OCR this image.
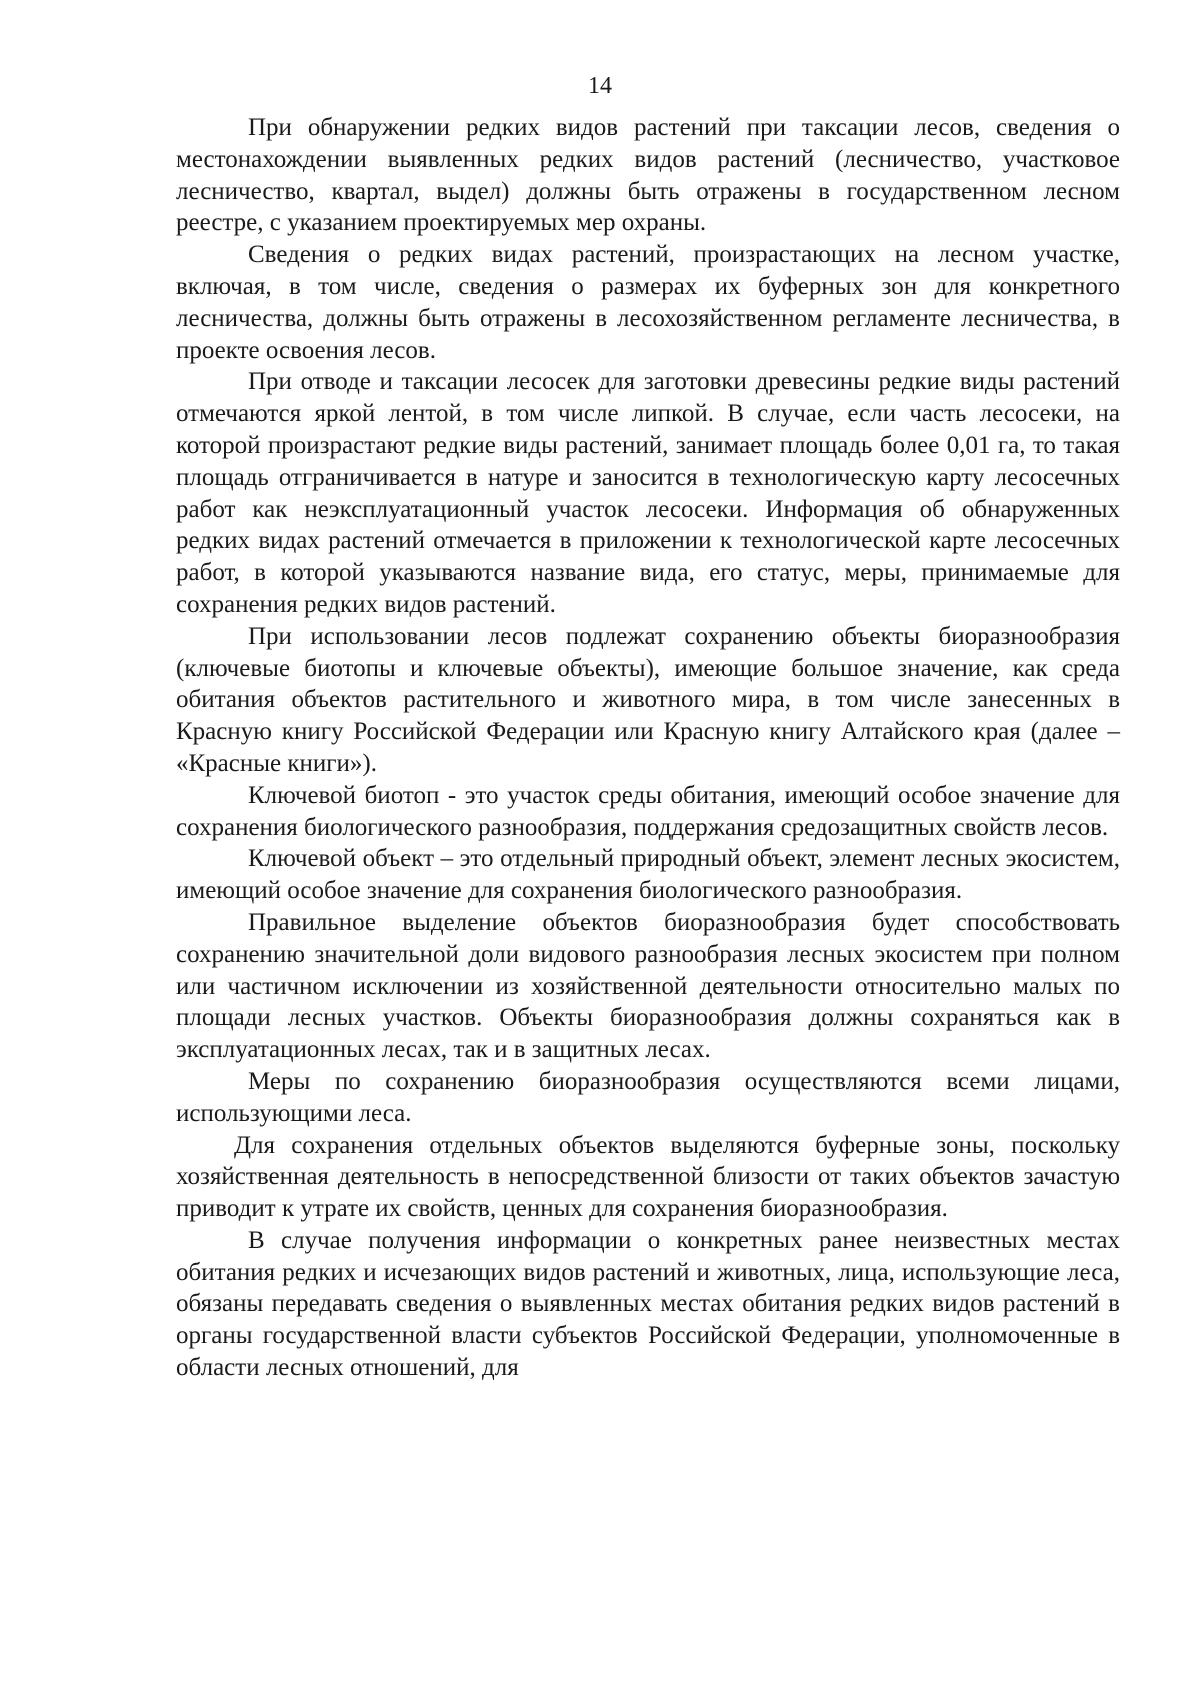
14

При обнаружении редких видов растений при таксации лесов, сведения о местонахождении выявленных редких видов растений (лесничество, участковое лесничество, квартал, выдел) должны быть отражены в государственном лесном реестре, с указанием проектируемых мер охраны.

Сведения о редких видах растений, произрастающих на лесном участке, включая, в том числе, сведения о размерах их буферных зон для конкретного лесничества, должны быть отражены в лесохозяйственном регламенте лесничества, в проекте освоения лесов.

При отводе и таксации лесосек для заготовки древесины редкие виды растений отмечаются яркой лентой, в том числе липкой. В случае, если часть лесосеки, на которой произрастают редкие виды растений, занимает площадь более 0,01 га, то такая площадь отграничивается в натуре и заносится в технологическую карту лесосечных работ как неэксплуатационный участок лесосеки. Информация об обнаруженных редких видах растений отмечается в приложении к технологической карте лесосечных работ, в которой указываются название вида, его статус, меры, принимаемые для сохранения редких видов растений.

При использовании лесов подлежат сохранению объекты биоразнообразия (ключевые биотопы и ключевые объекты), имеющие большое значение, как среда обитания объектов растительного и животного мира, в том числе занесенных в Красную книгу Российской Федерации или Красную книгу Алтайского края (далее – «Красные книги»).

Ключевой биотоп - это участок среды обитания, имеющий особое значение для сохранения биологического разнообразия, поддержания средозащитных свойств лесов.

Ключевой объект – это отдельный природный объект, элемент лесных экосистем, имеющий особое значение для сохранения биологического разнообразия.

Правильное выделение объектов биоразнообразия будет способствовать сохранению значительной доли видового разнообразия лесных экосистем при полном или частичном исключении из хозяйственной деятельности относительно малых по площади лесных участков. Объекты биоразнообразия должны сохраняться как в эксплуатационных лесах, так и в защитных лесах.

Меры по сохранению биоразнообразия осуществляются всеми лицами, использующими леса.

Для сохранения отдельных объектов выделяются буферные зоны, поскольку хозяйственная деятельность в непосредственной близости от таких объектов зачастую приводит к утрате их свойств, ценных для сохранения биоразнообразия.

В случае получения информации о конкретных ранее неизвестных местах обитания редких и исчезающих видов растений и животных, лица, использующие леса, обязаны передавать сведения о выявленных местах обитания редких видов растений в органы государственной власти субъектов Российской Федерации, уполномоченные в области лесных отношений, для
